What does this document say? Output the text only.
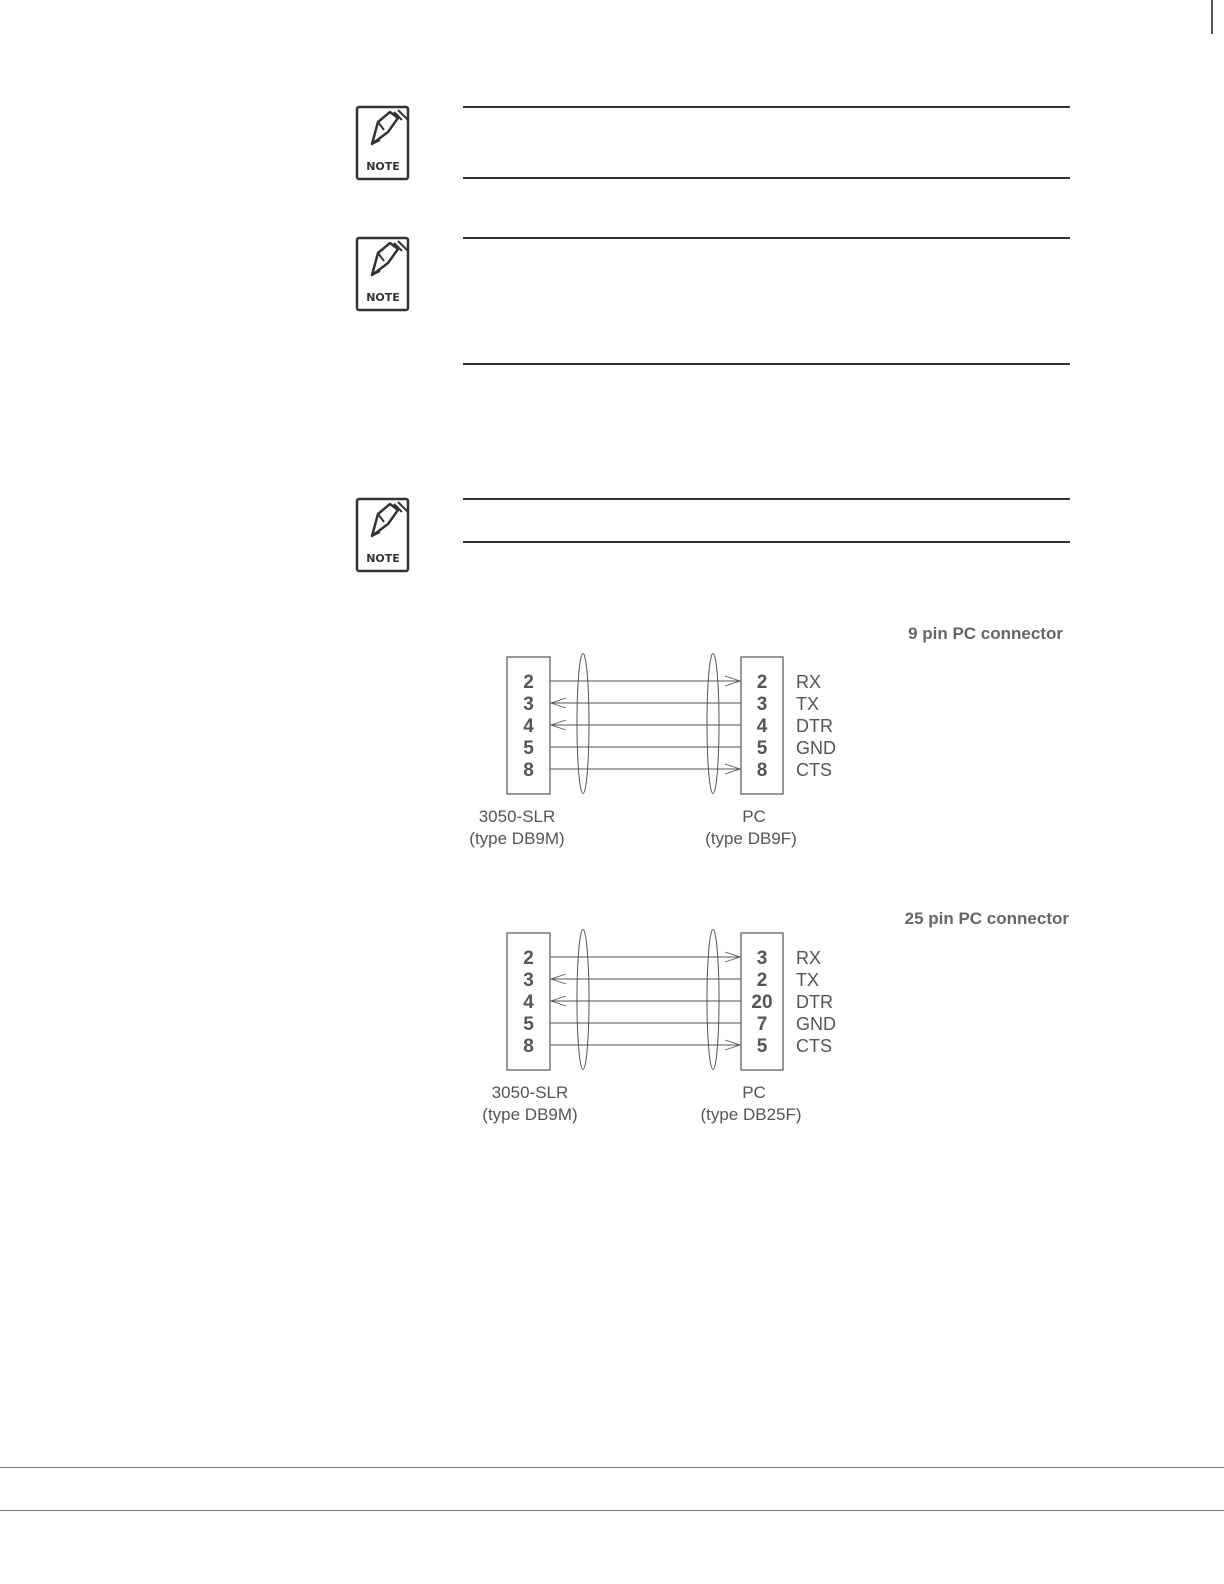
NOTE
NOTE
NOTE
9 pin PC connector
2	2 RX
3	3 TX
4	4 DTR
5	5 GND
8	8 CTS
3050-SLR
(type DB9M)
PC
(type DB9F)
25 pin PC connector
2	3 RX
3	2 TX
4	20 DTR
5	7 GND
8	5 CTS
3050-SLR
(type DB9M)
PC
(type DB25F)
